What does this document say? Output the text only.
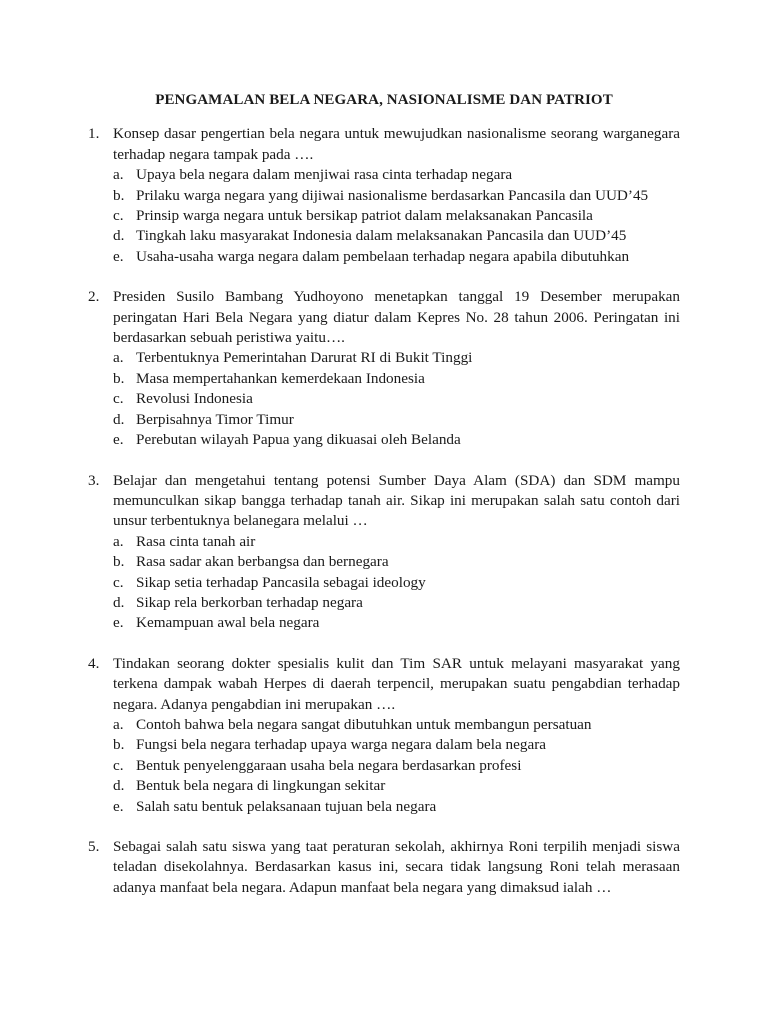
PENGAMALAN BELA NEGARA, NASIONALISME DAN PATRIOT
1. Konsep dasar pengertian bela negara untuk mewujudkan nasionalisme seorang warganegara terhadap negara tampak pada ….

a. Upaya bela negara dalam menjiwai rasa cinta terhadap negara
b. Prilaku warga negara yang dijiwai nasionalisme berdasarkan Pancasila dan UUD’45
c. Prinsip warga negara untuk bersikap patriot dalam melaksanakan Pancasila
d. Tingkah laku masyarakat Indonesia dalam melaksanakan Pancasila dan UUD’45
e. Usaha-usaha warga negara dalam pembelaan terhadap negara apabila dibutuhkan
2. Presiden Susilo Bambang Yudhoyono menetapkan tanggal 19 Desember merupakan peringatan Hari Bela Negara yang diatur dalam Kepres No. 28 tahun 2006. Peringatan ini berdasarkan sebuah peristiwa yaitu….

a. Terbentuknya Pemerintahan Darurat RI di Bukit Tinggi
b. Masa mempertahankan kemerdekaan Indonesia
c. Revolusi Indonesia
d. Berpisahnya Timor Timur
e. Perebutan wilayah Papua yang dikuasai oleh Belanda
3. Belajar dan mengetahui tentang potensi Sumber Daya Alam (SDA) dan SDM mampu memunculkan sikap bangga terhadap tanah air. Sikap ini merupakan salah satu contoh dari unsur terbentuknya belanegara melalui …

a. Rasa cinta tanah air
b. Rasa sadar akan berbangsa dan bernegara
c. Sikap setia terhadap Pancasila sebagai ideology
d. Sikap rela berkorban terhadap negara
e. Kemampuan awal bela negara
4. Tindakan seorang dokter spesialis kulit dan Tim SAR untuk melayani masyarakat yang terkena dampak wabah Herpes di daerah terpencil, merupakan suatu pengabdian terhadap negara. Adanya pengabdian ini merupakan ….

a. Contoh bahwa bela negara sangat dibutuhkan untuk membangun persatuan
b. Fungsi bela negara terhadap upaya warga negara dalam bela negara
c. Bentuk penyelenggaraan usaha bela negara berdasarkan profesi
d. Bentuk bela negara di lingkungan sekitar
e. Salah satu bentuk pelaksanaan tujuan bela negara
5. Sebagai salah satu siswa yang taat peraturan sekolah, akhirnya Roni terpilih menjadi siswa teladan disekolahnya. Berdasarkan kasus ini, secara tidak langsung Roni telah merasaan adanya manfaat bela negara. Adapun manfaat bela negara yang dimaksud ialah …
